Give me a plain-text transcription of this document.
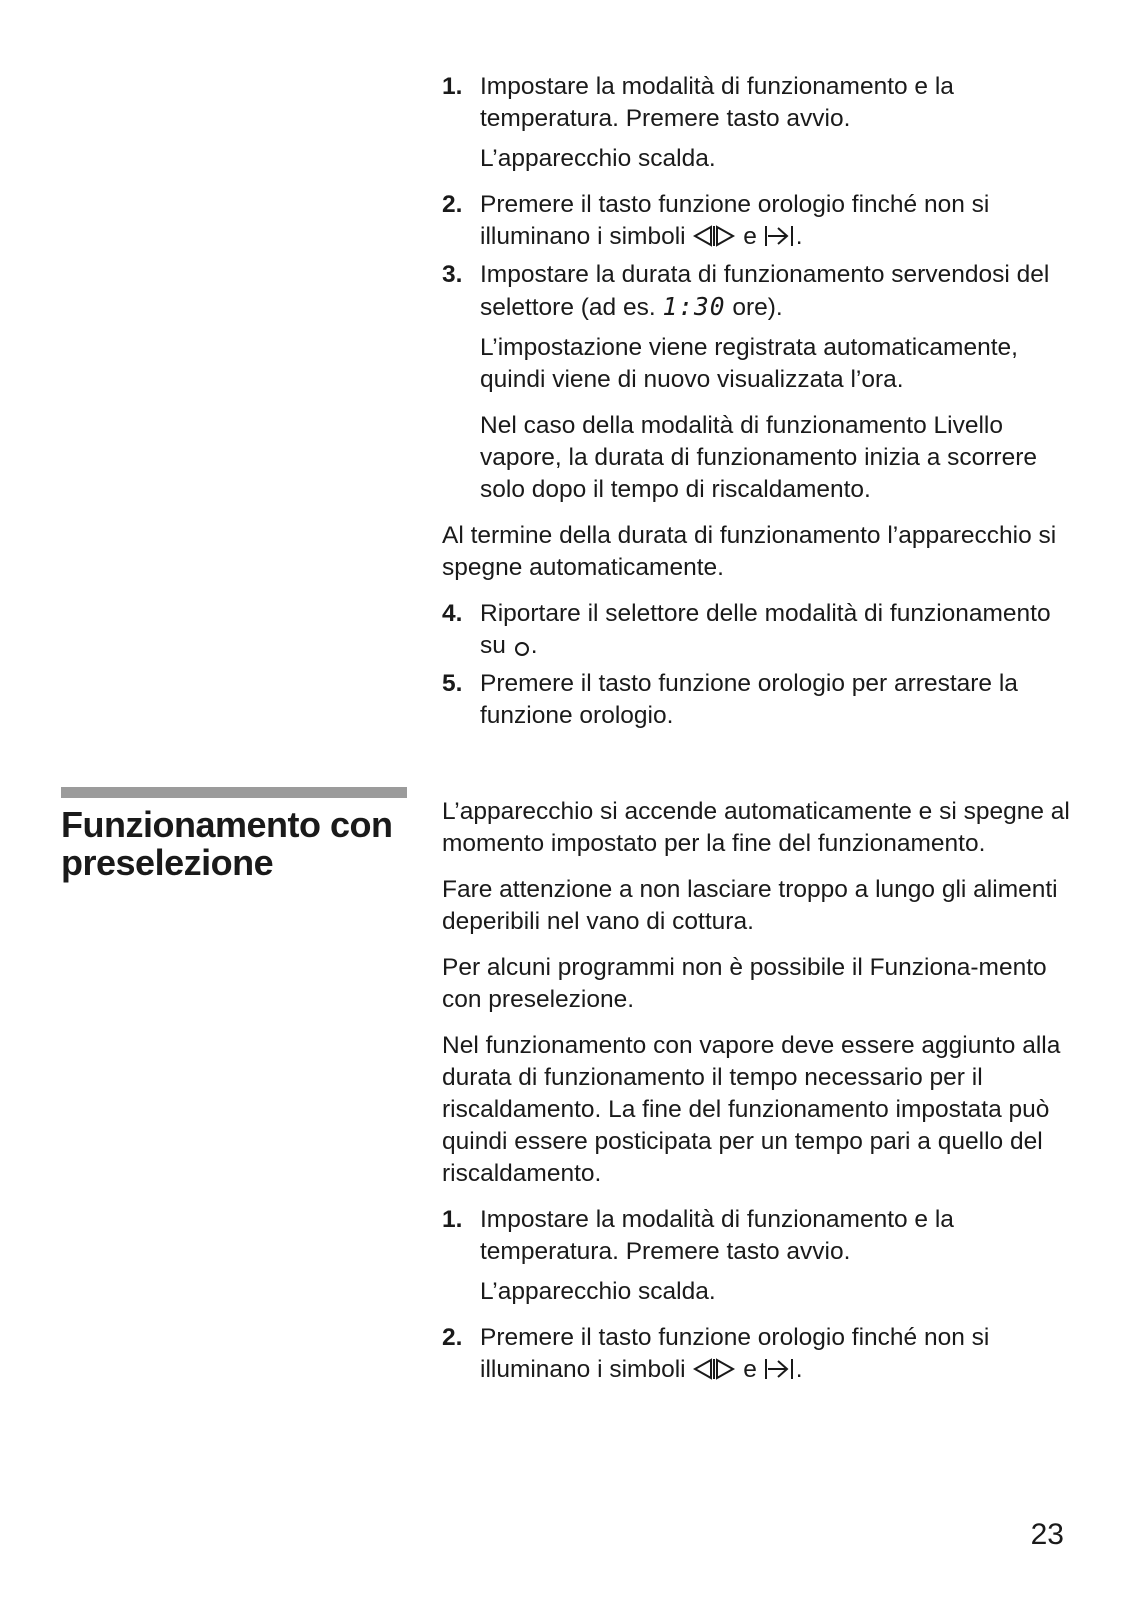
1. Impostare la modalità di funzionamento e la temperatura. Premere tasto avvio.

L’apparecchio scalda.

2. Premere il tasto funzione orologio finché non si illuminano i simboli e .

3. Impostare la durata di funzionamento servendosi del selettore (ad es. 1:30 ore).

L’impostazione viene registrata automaticamente, quindi viene di nuovo visualizzata l’ora.

Nel caso della modalità di funzionamento Livello vapore, la durata di funzionamento inizia a scorrere solo dopo il tempo di riscaldamento.

Al termine della durata di funzionamento l’apparecchio si spegne automaticamente.

4. Riportare il selettore delle modalità di funzionamento su .

5. Premere il tasto funzione orologio per arrestare la funzione orologio.

Funzionamento con preselezione

L’apparecchio si accende automaticamente e si spegne al momento impostato per la fine del funzionamento.

Fare attenzione a non lasciare troppo a lungo gli alimenti deperibili nel vano di cottura.

Per alcuni programmi non è possibile il Funziona-mento con preselezione.

Nel funzionamento con vapore deve essere aggiunto alla durata di funzionamento il tempo necessario per il riscaldamento. La fine del funzionamento impostata può quindi essere posticipata per un tempo pari a quello del riscaldamento.

1. Impostare la modalità di funzionamento e la temperatura. Premere tasto avvio.

L’apparecchio scalda.

2. Premere il tasto funzione orologio finché non si illuminano i simboli e .

23
